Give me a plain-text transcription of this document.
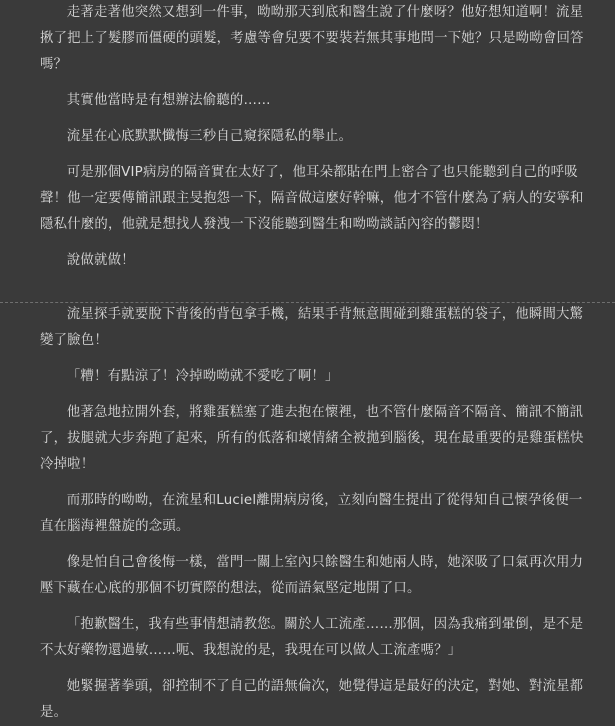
走著走著他突然又想到一件事，呦呦那天到底和醫生說了什麼呀？他好想知道啊！流星揪了把上了髮膠而僵硬的頭髮，考慮等會兒要不要裝若無其事地問一下她？只是呦呦會回答嗎？

其實他當時是有想辦法偷聽的……

流星在心底默默懺悔三秒自己窺探隱私的舉止。

可是那個VIP病房的隔音實在太好了，他耳朵都貼在門上密合了也只能聽到自己的呼吸聲！他一定要傳簡訊跟主旻抱怨一下，隔音做這麼好幹嘛，他才不管什麼為了病人的安寧和隱私什麼的，他就是想找人發洩一下沒能聽到醫生和呦呦談話內容的鬱悶！

說做就做！

流星探手就要脫下背後的背包拿手機，結果手背無意間碰到雞蛋糕的袋子，他瞬間大驚變了臉色！

「糟！有點涼了！冷掉呦呦就不愛吃了啊！」

他著急地拉開外套，將雞蛋糕塞了進去抱在懷裡，也不管什麼隔音不隔音、簡訊不簡訊了，拔腿就大步奔跑了起來，所有的低落和壞情緒全被拋到腦後，現在最重要的是雞蛋糕快冷掉啦！

而那時的呦呦，在流星和Luciel離開病房後，立刻向醫生提出了從得知自己懷孕後便一直在腦海裡盤旋的念頭。

像是怕自己會後悔一樣，當門一關上室內只餘醫生和她兩人時，她深吸了口氣再次用力壓下藏在心底的那個不切實際的想法，從而語氣堅定地開了口。

「抱歉醫生，我有些事情想請教您。關於人工流產……那個，因為我痛到暈倒，是不是不太好藥物還過敏……呃、我想說的是，我現在可以做人工流產嗎？」

她緊握著拳頭，卻控制不了自己的語無倫次，她覺得這是最好的決定，對她、對流星都是。
